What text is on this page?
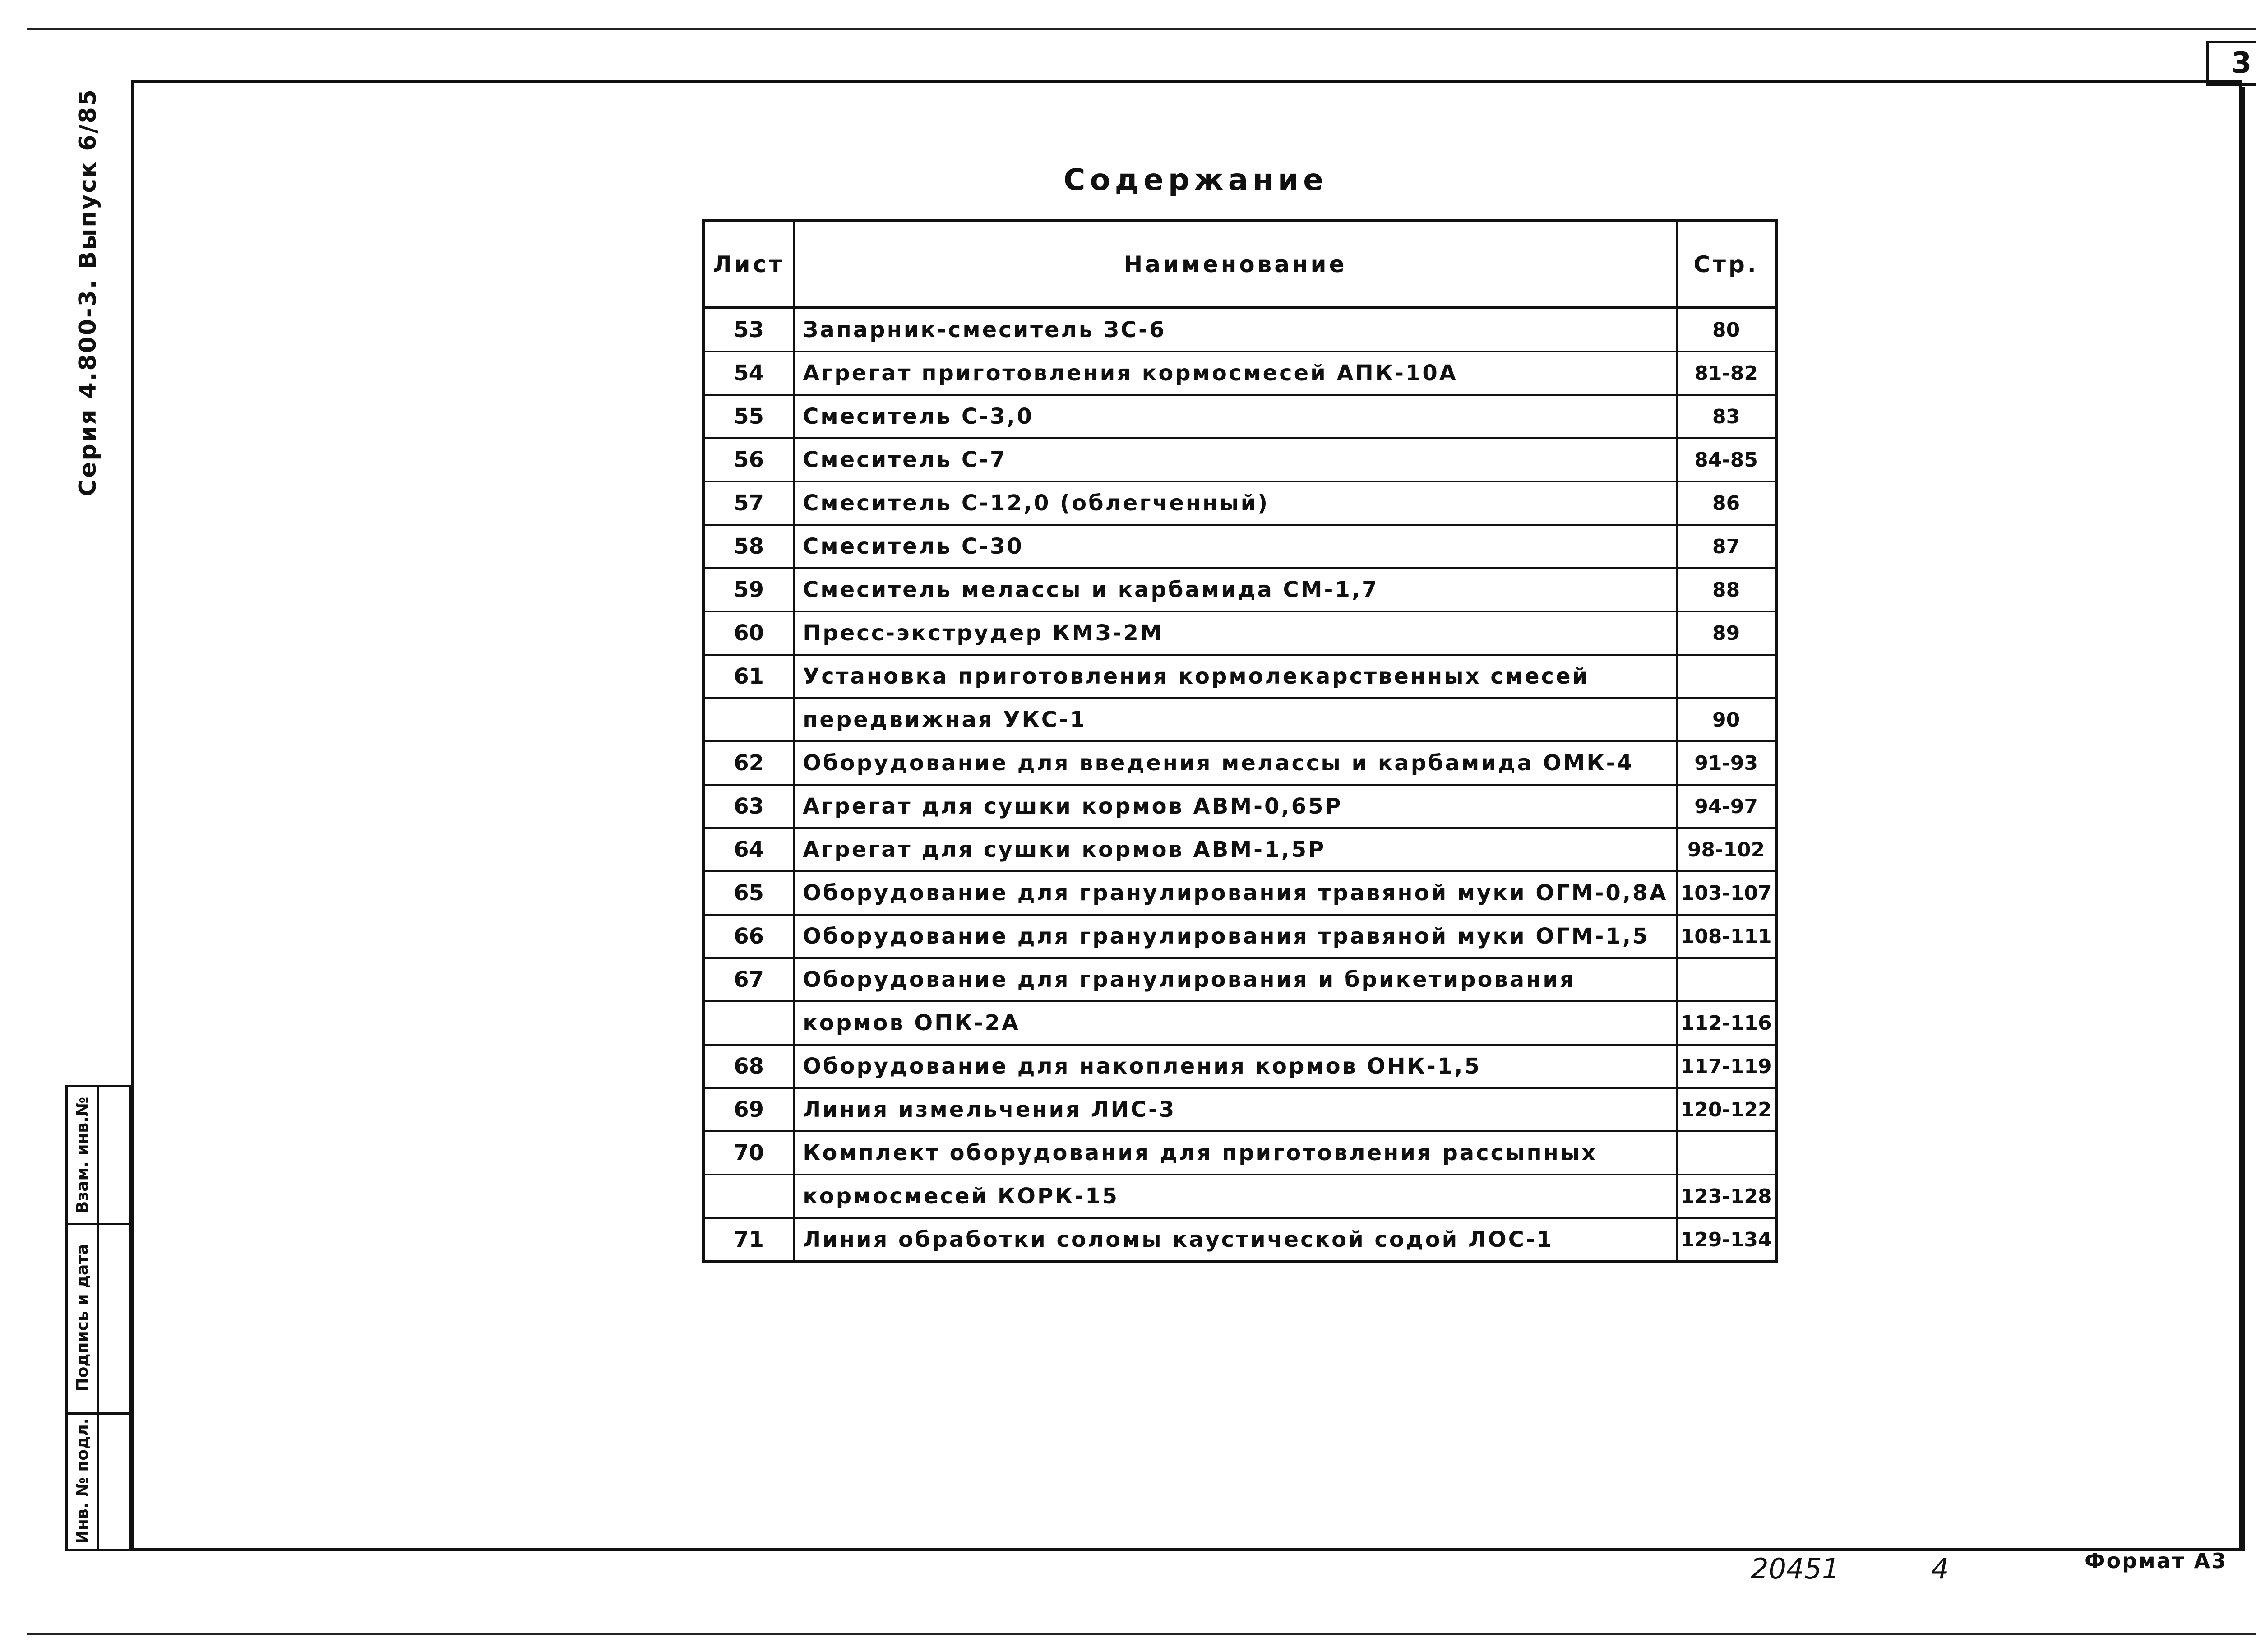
3
Серия 4.800-3. Выпуск 6/85
Взам. инв.№
Подпись и дата
Инв. № подл.
Содержание
Лист	Наименование	Стр.
53	Запарник-смеситель ЗС-6	80
54	Агрегат приготовления кормосмесей АПК-10А	81-82
55	Смеситель С-3,0	83
56	Смеситель С-7	84-85
57	Смеситель С-12,0 (облегченный)	86
58	Смеситель С-30	87
59	Смеситель мелассы и карбамида СМ-1,7	88
60	Пресс-экструдер КМЗ-2М	89
61	Установка приготовления кормолекарственных смесей	
	передвижная УКС-1	90
62	Оборудование для введения мелассы и карбамида ОМК-4	91-93
63	Агрегат для сушки кормов АВМ-0,65Р	94-97
64	Агрегат для сушки кормов АВМ-1,5Р	98-102
65	Оборудование для гранулирования травяной муки ОГМ-0,8А	103-107
66	Оборудование для гранулирования травяной муки ОГМ-1,5	108-111
67	Оборудование для гранулирования и брикетирования	
	кормов ОПК-2А	112-116
68	Оборудование для накопления кормов ОНК-1,5	117-119
69	Линия измельчения ЛИС-3	120-122
70	Комплект оборудования для приготовления рассыпных	
	кормосмесей КОРК-15	123-128
71	Линия обработки соломы каустической содой ЛОС-1	129-134
20451	4	Формат А3
